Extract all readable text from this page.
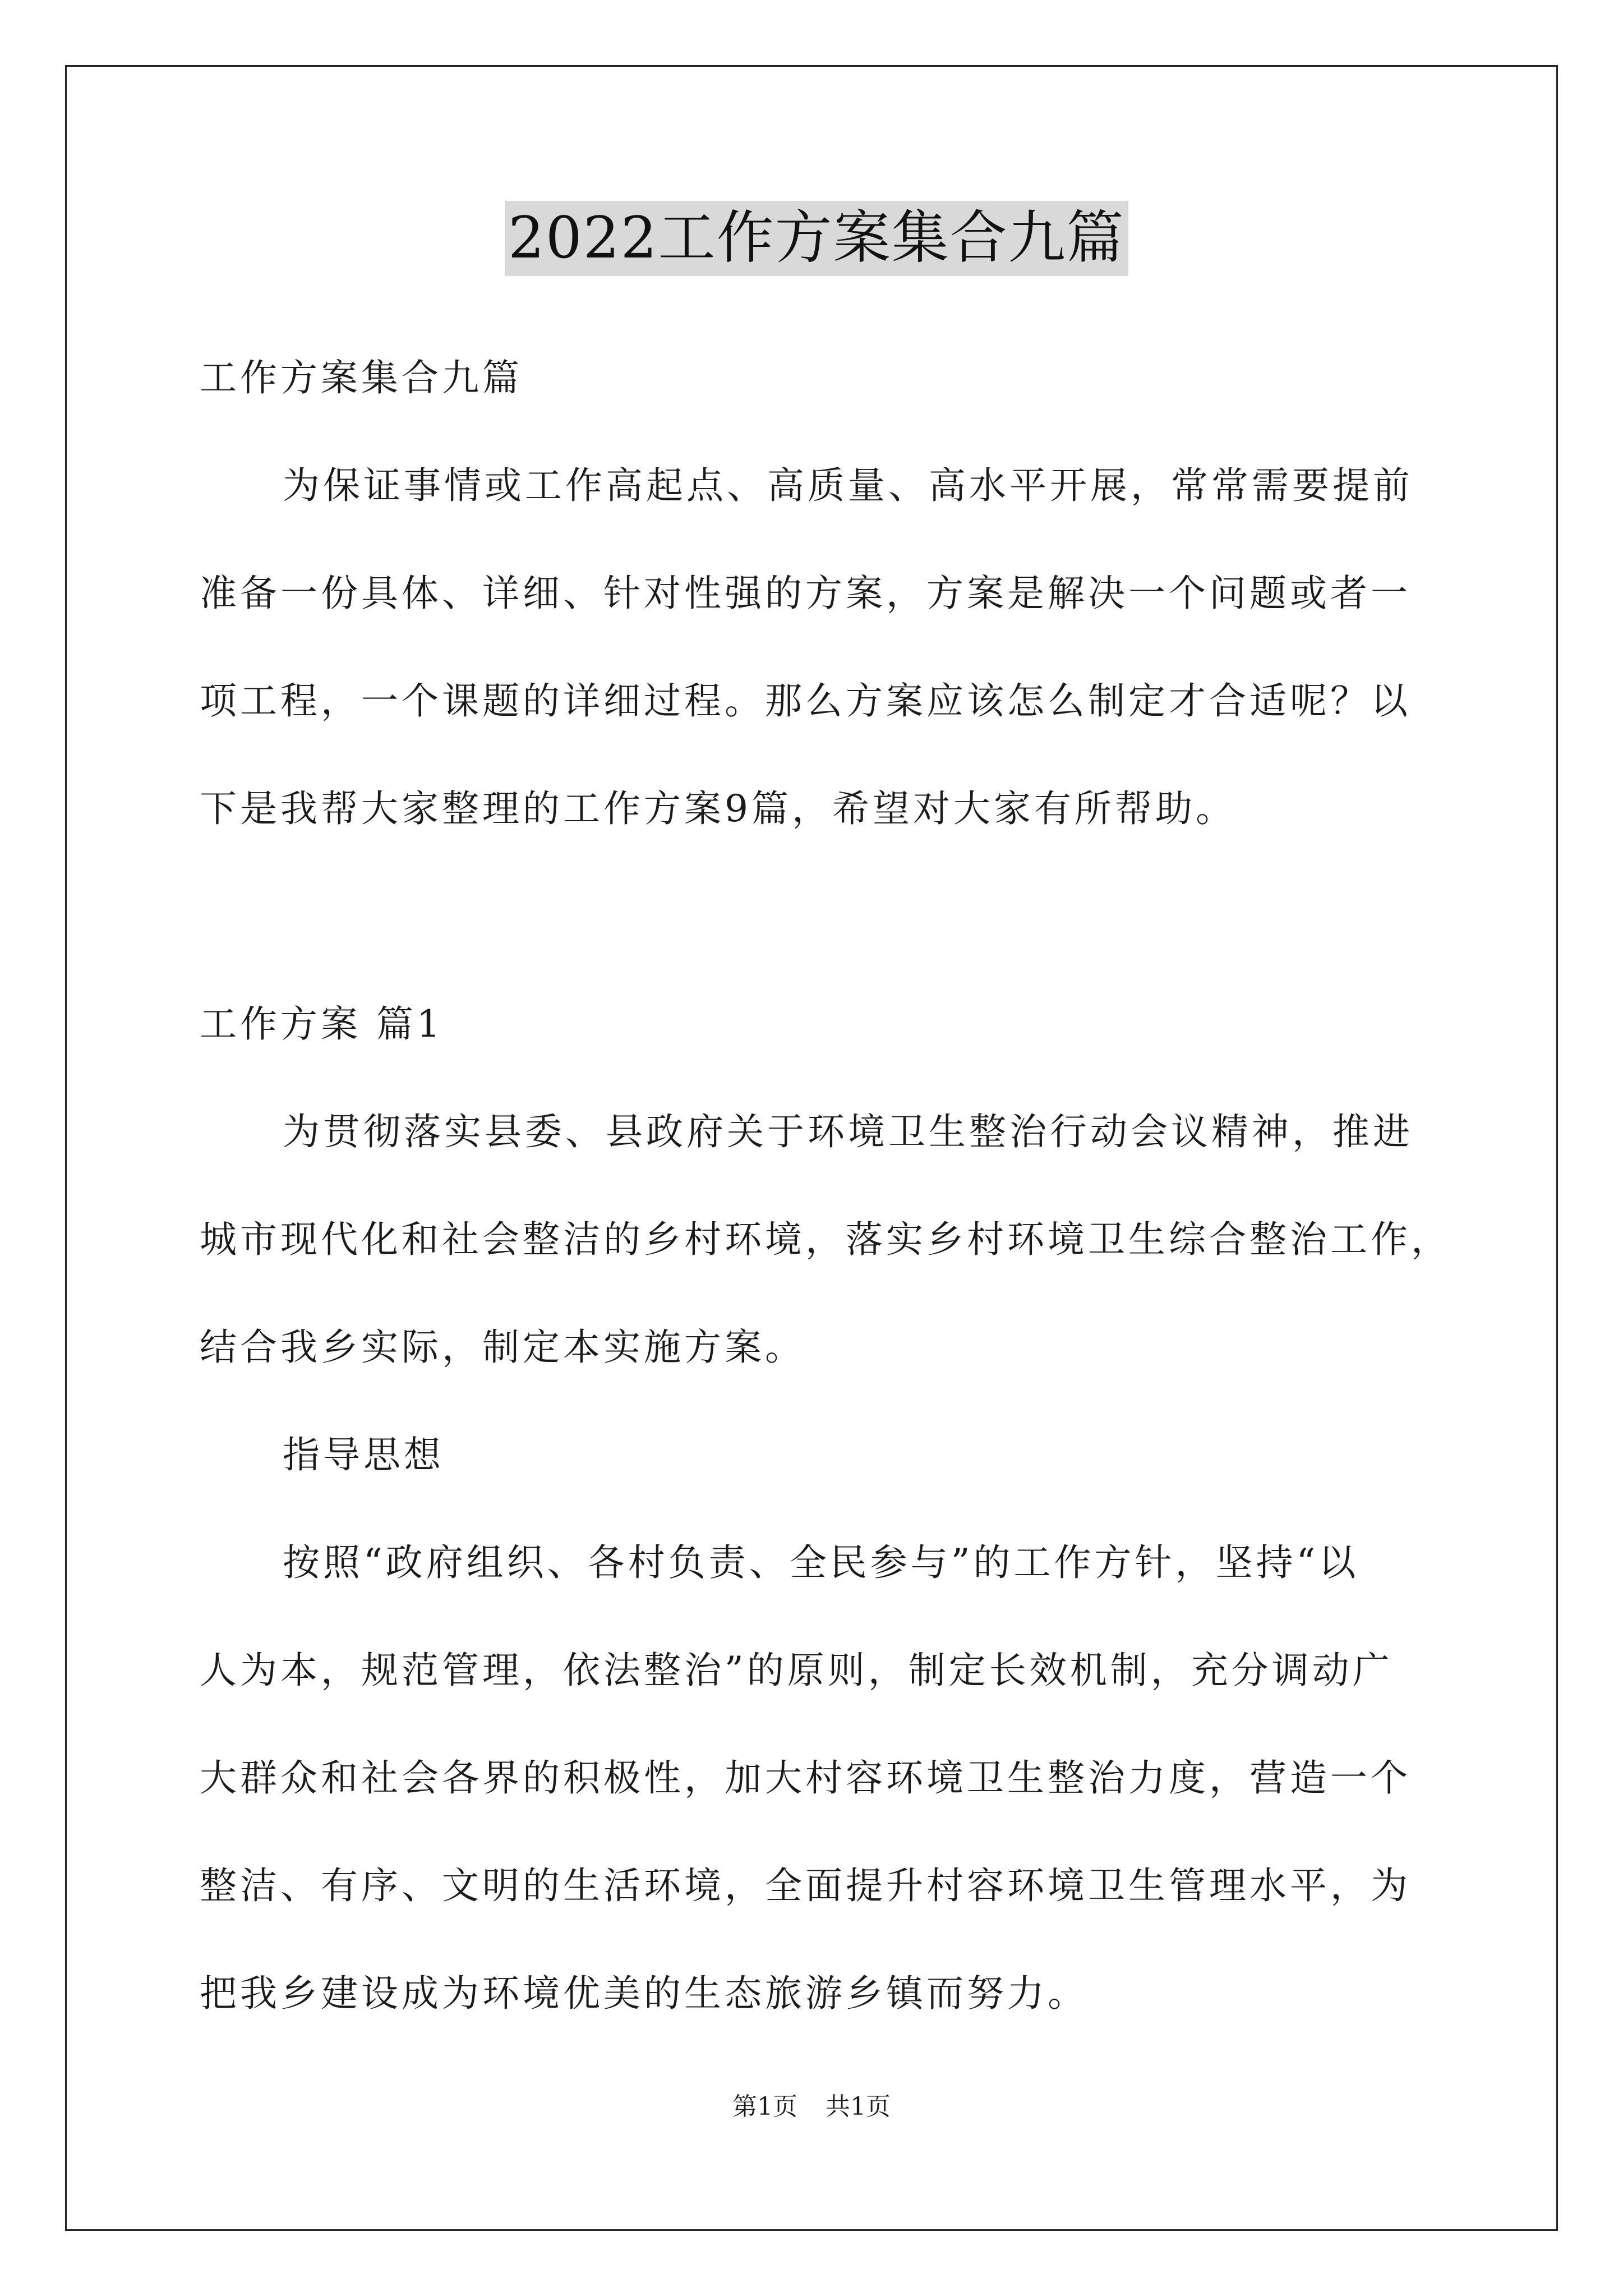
2022工作方案集合九篇
工作方案集合九篇
为保证事情或工作高起点、高质量、高水平开展，常常需要提前
准备一份具体、详细、针对性强的方案，方案是解决一个问题或者一
项工程，一个课题的详细过程。那么方案应该怎么制定才合适呢？以
下是我帮大家整理的工作方案9篇，希望对大家有所帮助。
工作方案 篇1
为贯彻落实县委、县政府关于环境卫生整治行动会议精神，推进
城市现代化和社会整洁的乡村环境，落实乡村环境卫生综合整治工作，
结合我乡实际，制定本实施方案。
指导思想
按照“政府组织、各村负责、全民参与”的工作方针，坚持“以
人为本，规范管理，依法整治”的原则，制定长效机制，充分调动广
大群众和社会各界的积极性，加大村容环境卫生整治力度，营造一个
整洁、有序、文明的生活环境，全面提升村容环境卫生管理水平，为
把我乡建设成为环境优美的生态旅游乡镇而努力。
第1页 共1页
